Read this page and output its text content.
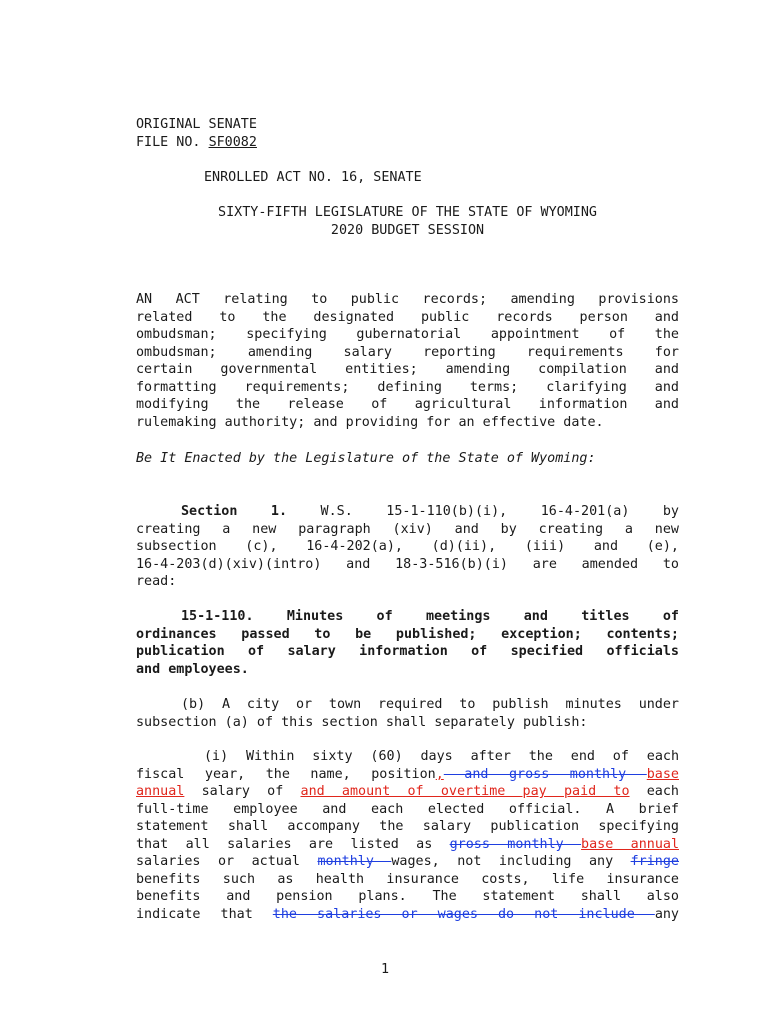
ORIGINAL SENATE
FILE NO. SF0082
ENROLLED ACT NO. 16, SENATE
SIXTY-FIFTH LEGISLATURE OF THE STATE OF WYOMING
2020 BUDGET SESSION
AN ACT relating to public records; amending provisions
related to the designated public records person and
ombudsman; specifying gubernatorial appointment of the
ombudsman; amending salary reporting requirements for
certain governmental entities; amending compilation and
formatting requirements; defining terms; clarifying and
modifying the release of agricultural information and
rulemaking authority; and providing for an effective date.
Be It Enacted by the Legislature of the State of Wyoming:
Section 1.	W.S. 15-1-110(b)(i), 16-4-201(a) by
creating a new paragraph (xiv) and by creating a new
subsection (c), 16-4-202(a), (d)(ii), (iii) and (e),
16-4-203(d)(xiv)(intro) and 18-3-516(b)(i) are amended to
read:
15-1-110. Minutes of meetings and titles of
ordinances passed to be published; exception; contents;
publication of salary information of specified officials
and employees.
(b) A city or town required to publish minutes under
subsection (a) of this section shall separately publish:
(i) Within sixty (60) days after the end of each
fiscal year, the name, position, and gross monthly base
annual salary of and amount of overtime pay paid to each
full-time employee and each elected official. A brief
statement shall accompany the salary publication specifying
that all salaries are listed as gross monthly base annual
salaries or actual monthly wages, not including any fringe
benefits such as health insurance costs, life insurance
benefits and pension plans. The statement shall also
indicate that the salaries or wages do not include any
1
